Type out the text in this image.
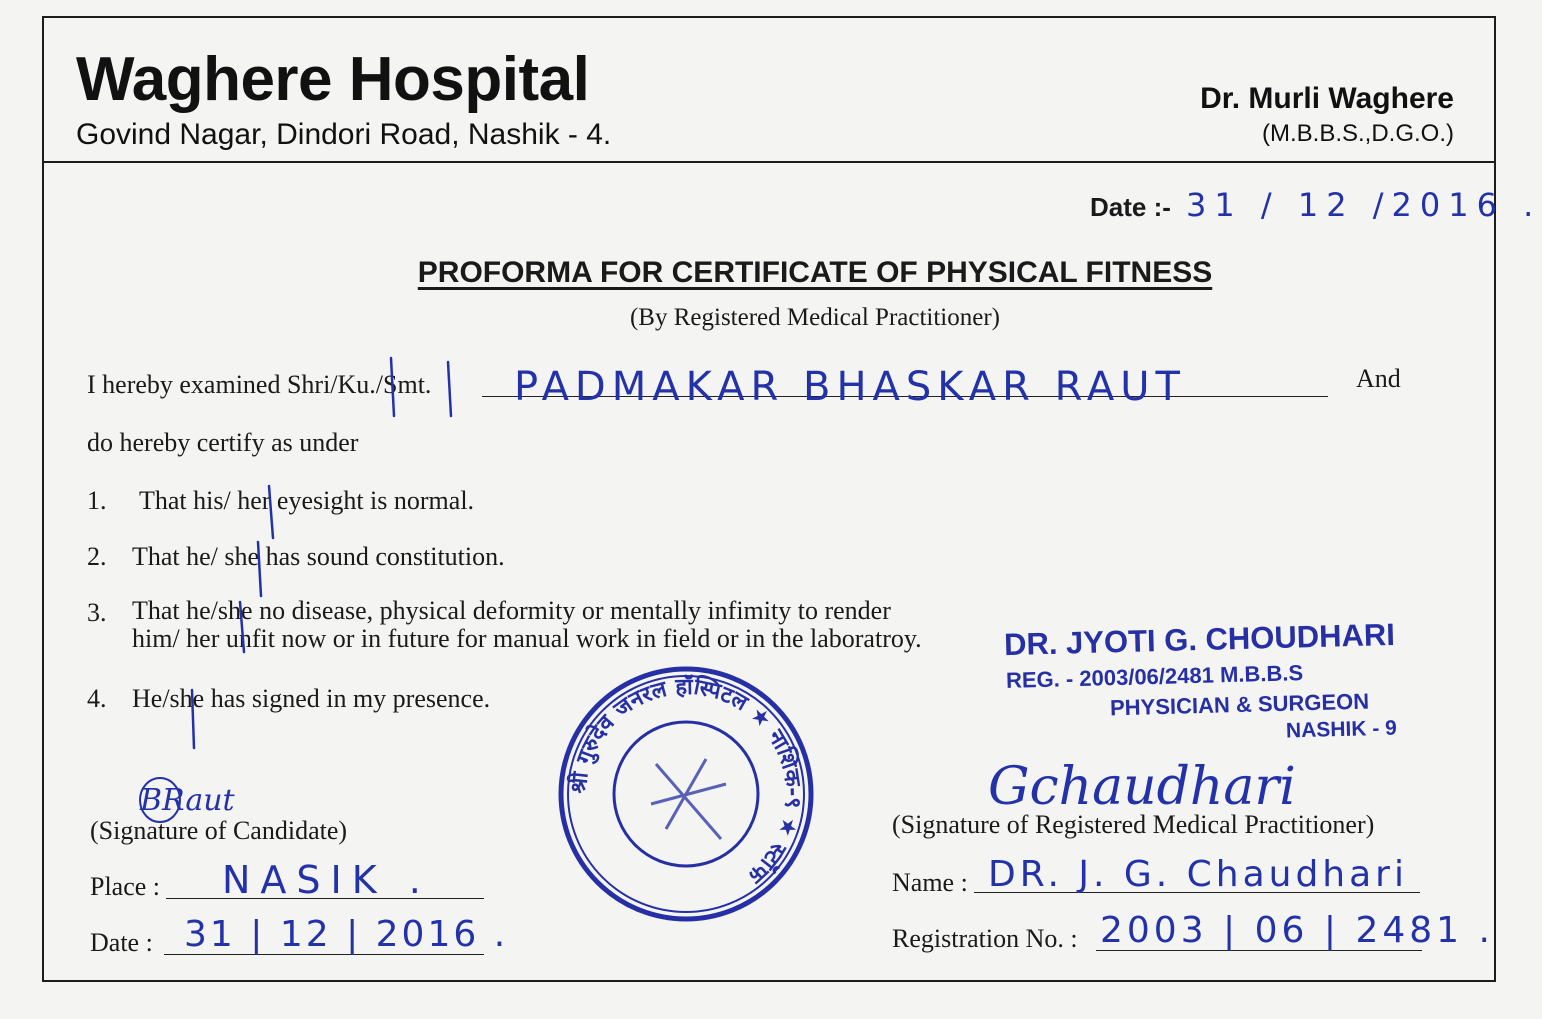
Waghere Hospital
Govind Nagar, Dindori Road, Nashik - 4.
Dr. Murli Waghere
(M.B.B.S.,D.G.O.)
Date :- 31 / 12 /2016 .
PROFORMA FOR CERTIFICATE OF PHYSICAL FITNESS
(By Registered Medical Practitioner)
I hereby examined Shri/Ku./Smt. PADMAKAR BHASKAR RAUT	And
do hereby certify as under
1. That his/ her eyesight is normal.
2. That he/ she has sound constitution.
3. That he/she no disease, physical deformity or mentally infimity to render
him/ her unfit now or in future for manual work in field or in the laboratroy.
4. He/she has signed in my presence.
DR. JYOTI G. CHOUDHARI
REG. - 2003/06/2481 M.B.B.S
PHYSICIAN & SURGEON
NASHIK - 9
श्री गुरुदेव जनरल हॉस्पिटल ★ नाशिक-९ ★ स्टॉफ
Gchaudhari
(Signature of Registered Medical Practitioner)
Name : DR. J. G. Chaudhari
Registration No. : 2003 | 06 | 2481 .
BRaut
(Signature of Candidate)
Place : NASIK .
Date : 31 | 12 | 2016 .
